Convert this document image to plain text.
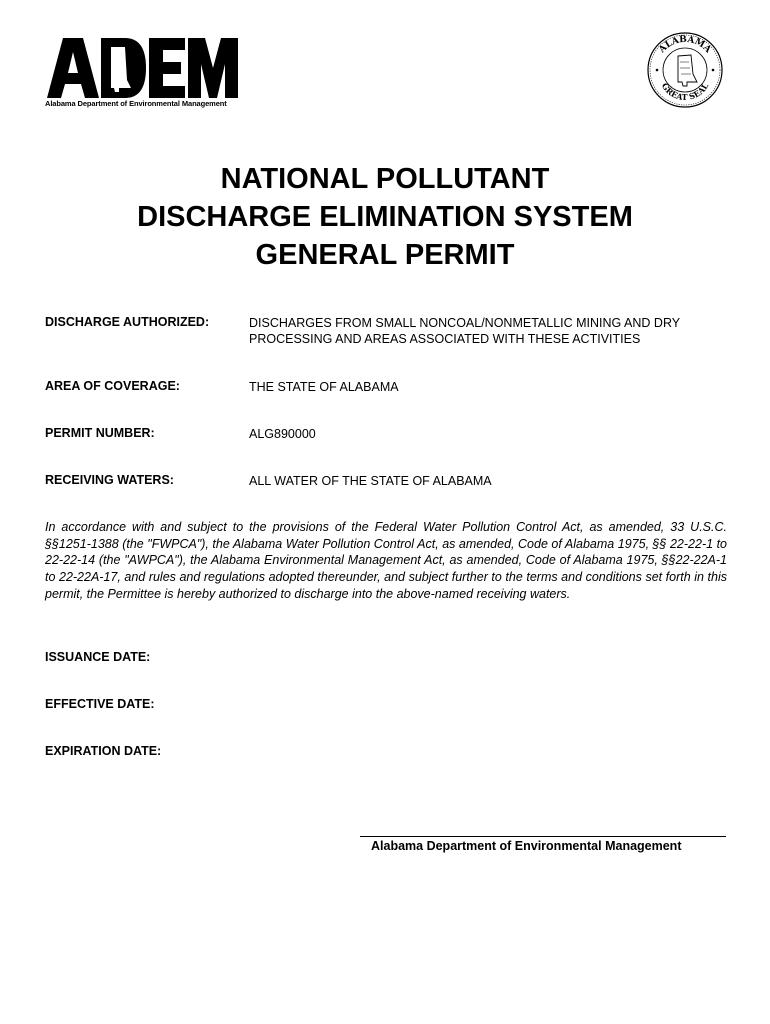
Alabama Department of Environmental Management
ALABAMA
GREAT SEAL
NATIONAL POLLUTANT
DISCHARGE ELIMINATION SYSTEM
GENERAL PERMIT
DISCHARGE AUTHORIZED:	DISCHARGES FROM SMALL NONCOAL/NONMETALLIC MINING AND DRY PROCESSING AND AREAS ASSOCIATED WITH THESE ACTIVITIES
AREA OF COVERAGE:	THE STATE OF ALABAMA
PERMIT NUMBER:	ALG890000
RECEIVING WATERS:	ALL WATER OF THE STATE OF ALABAMA
In accordance with and subject to the provisions of the Federal Water Pollution Control Act, as amended, 33 U.S.C. §§1251-1388 (the "FWPCA"), the Alabama Water Pollution Control Act, as amended, Code of Alabama 1975, §§ 22-22-1 to 22-22-14 (the "AWPCA"), the Alabama Environmental Management Act, as amended, Code of Alabama 1975, §§22-22A-1 to 22-22A-17, and rules and regulations adopted thereunder, and subject further to the terms and conditions set forth in this permit, the Permittee is hereby authorized to discharge into the above-named receiving waters.
ISSUANCE DATE:
EFFECTIVE DATE:
EXPIRATION DATE:
Alabama Department of Environmental Management
